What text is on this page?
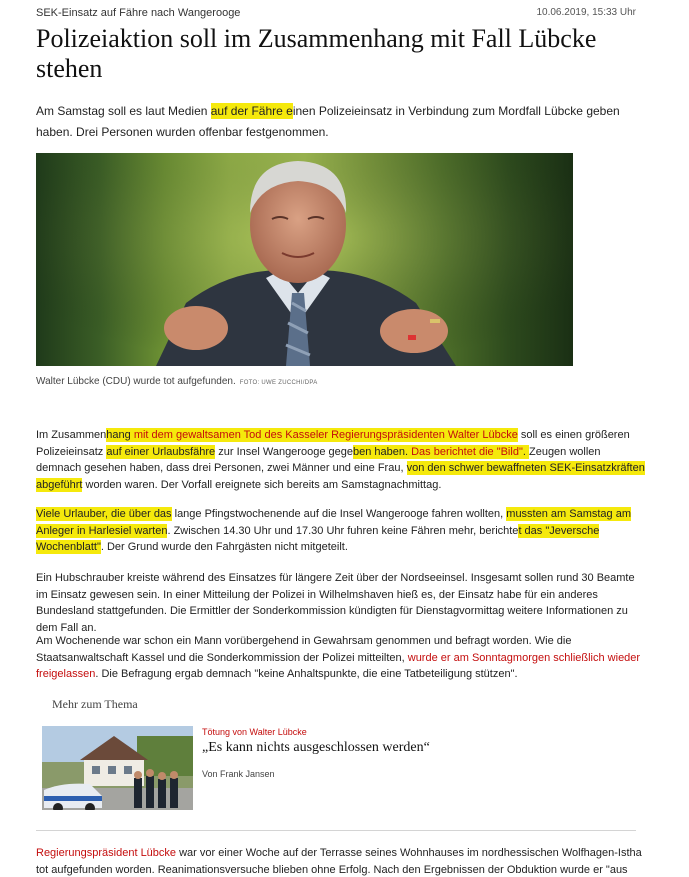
SEK-Einsatz auf Fähre nach Wangerooge	10.06.2019, 15:33 Uhr
Polizeiaktion soll im Zusammenhang mit Fall Lübcke stehen

Am Samstag soll es laut Medien auf der Fähre einen Polizeieinsatz in Verbindung zum Mordfall Lübcke geben haben. Drei Personen wurden offenbar festgenommen.

Walter Lübcke (CDU) wurde tot aufgefunden. FOTO: UWE ZUCCHI/DPA

Im Zusammenhang mit dem gewaltsamen Tod des Kasseler Regierungspräsidenten Walter Lübcke soll es einen größeren Polizeieinsatz auf einer Urlaubsfähre zur Insel Wangerooge gegeben haben. Das berichtet die "Bild". Zeugen wollen demnach gesehen haben, dass drei Personen, zwei Männer und eine Frau, von den schwer bewaffneten SEK-Einsatzkräften abgeführt worden waren. Der Vorfall ereignete sich bereits am Samstagnachmittag.

Viele Urlauber, die über das lange Pfingstwochenende auf die Insel Wangerooge fahren wollten, mussten am Samstag am Anleger in Harlesiel warten. Zwischen 14.30 Uhr und 17.30 Uhr fuhren keine Fähren mehr, berichtet das "Jeversche Wochenblatt". Der Grund wurde den Fahrgästen nicht mitgeteilt.

Ein Hubschrauber kreiste während des Einsatzes für längere Zeit über der Nordseeinsel. Insgesamt sollen rund 30 Beamte im Einsatz gewesen sein. In einer Mitteilung der Polizei in Wilhelmshaven hieß es, der Einsatz habe für ein anderes Bundesland stattgefunden. Die Ermittler der Sonderkommission kündigten für Dienstagvormittag weitere Informationen zu dem Fall an.

Am Wochenende war schon ein Mann vorübergehend in Gewahrsam genommen und befragt worden. Wie die Staatsanwaltschaft Kassel und die Sonderkommission der Polizei mitteilten, wurde er am Sonntagmorgen schließlich wieder freigelassen. Die Befragung ergab demnach "keine Anhaltspunkte, die eine Tatbeteiligung stützen".

Mehr zum Thema
Tötung von Walter Lübcke
„Es kann nichts ausgeschlossen werden“
Von Frank Jansen

Regierungspräsident Lübcke war vor einer Woche auf der Terrasse seines Wohnhauses im nordhessischen Wolfhagen-Istha tot aufgefunden worden. Reanimationsversuche blieben ohne Erfolg. Nach den Ergebnissen der Obduktion wurde er "aus
